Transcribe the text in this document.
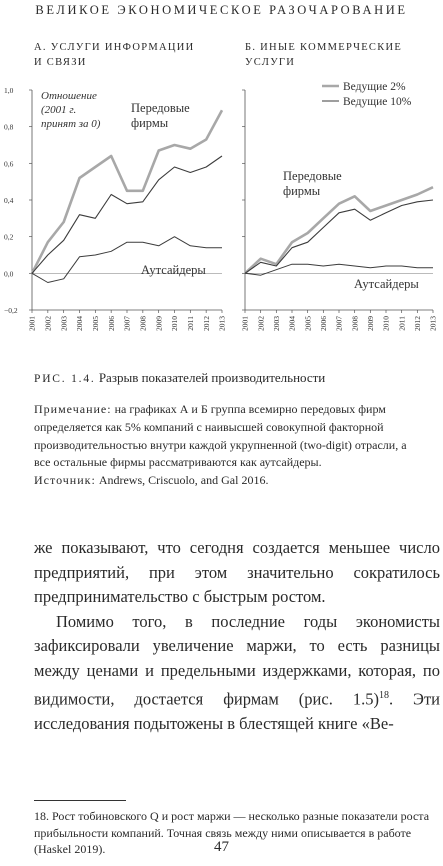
ВЕЛИКОЕ ЭКОНОМИЧЕСКОЕ РАЗОЧАРОВАНИЕ
А. УСЛУГИ ИНФОРМАЦИИ
И СВЯЗИ
Б. ИНЫЕ КОММЕРЧЕСКИЕ
УСЛУГИ
1,0
0,8
0,6
0,4
0,2
0,0
−0,2
2001 2002 2003 2004 2005 2006 2007 2008 2009 2010 2011 2012 2013 2001 2002 2003 2004 2005 2006 2007 2008 2009 2010 2011 2012 2013
Отношение
(2001 г.
принят за 0)
Передовые
фирмы
Аутсайдеры
Ведущие 2%
Ведущие 10%
Передовые
фирмы
Аутсайдеры
РИС. 1.4. Разрыв показателей производительности
Примечание: на графиках А и Б группа всемирно передовых фирм определяется как 5% компаний с наивысшей совокупной факторной производительностью внутри каждой укрупненной (two-digit) отрасли, а все остальные фирмы рассматриваются как аутсайдеры.
Источник: Andrews, Criscuolo, and Gal 2016.

же показывают, что сегодня создается меньшее число предприятий, при этом значительно сократилось предпринимательство с быстрым ростом.

Помимо того, в последние годы экономисты зафиксировали увеличение маржи, то есть разницы между ценами и предельными издержками, которая, по видимости, достается фирмам (рис. 1.5)$^{18}$. Эти исследования подытожены в блестящей книге «Ве-

18. Рост тобиновского Q и рост маржи — несколько разные показатели роста прибыльности компаний. Точная связь между ними описывается в работе (Haskel 2019).	47
